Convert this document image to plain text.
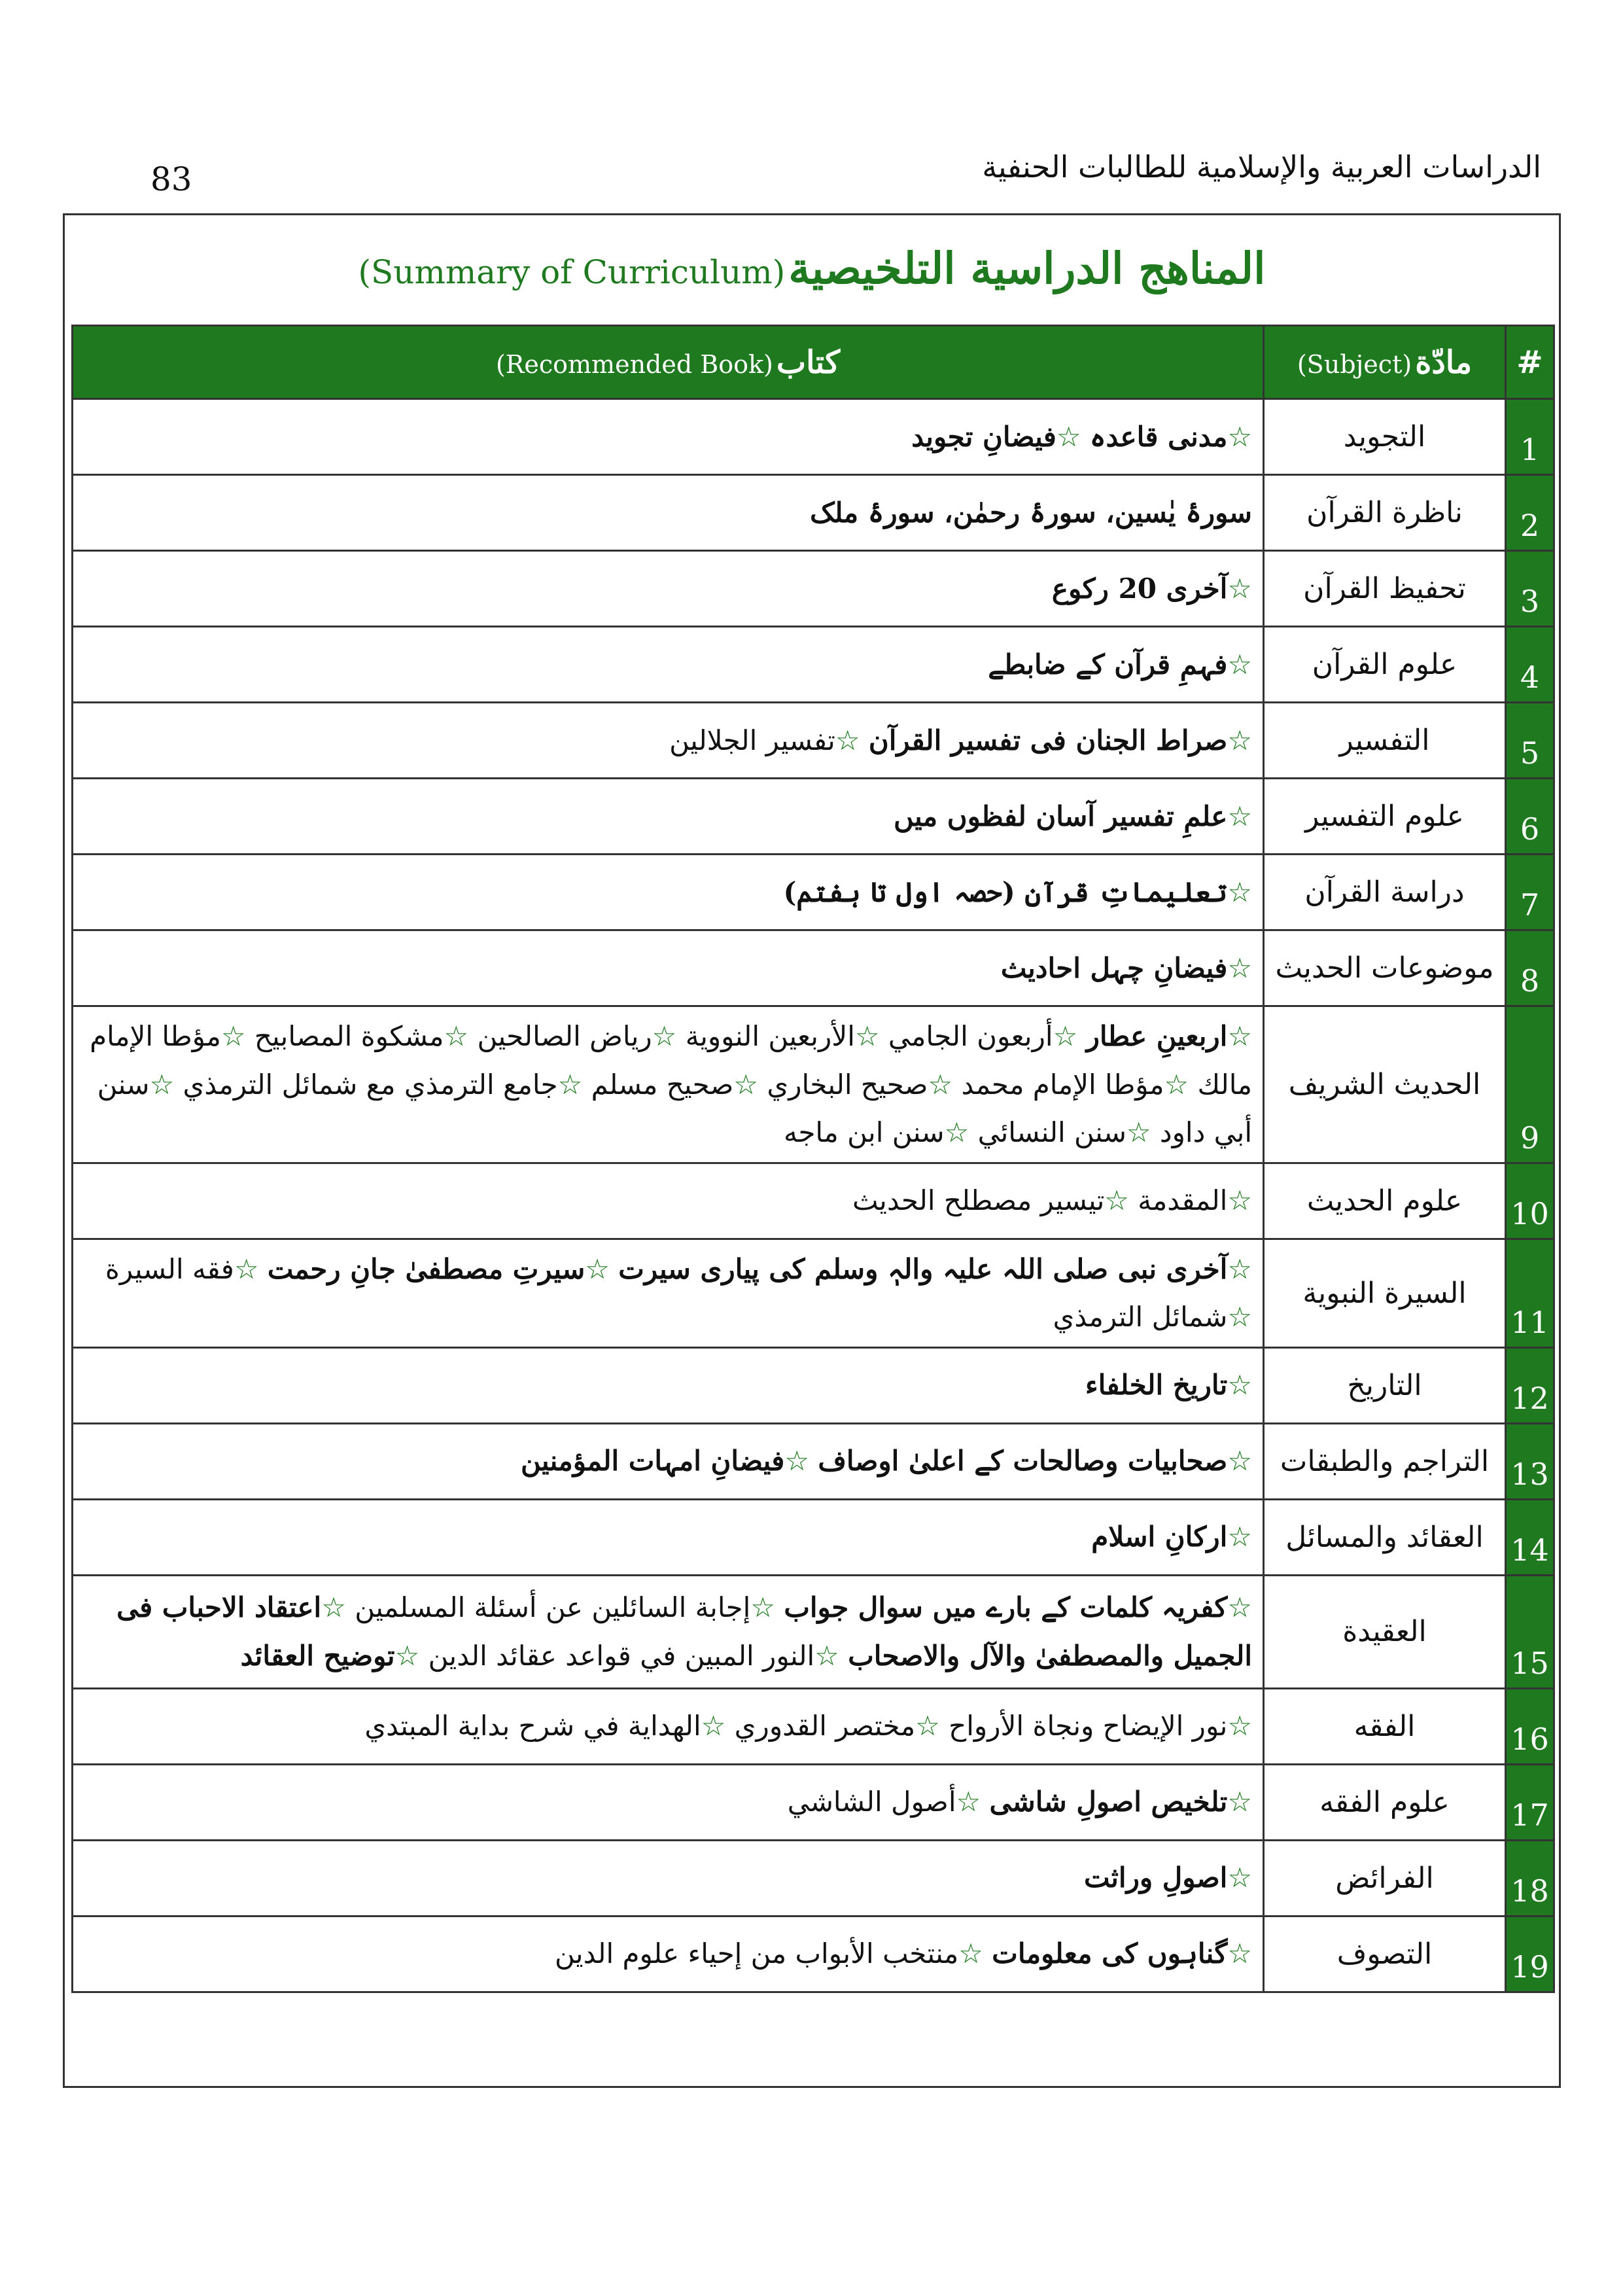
83	الدراسات العربية والإسلامية للطالبات الحنفية
المناهج الدراسية التلخيصية (Summary of Curriculum)
#	مادّة (Subject)	كتاب (Recommended Book)
1	التجويد	☆مدنی قاعدہ ☆فیضانِ تجوید
2	ناظرة القرآن	سورۂ یٰسین، سورۂ رحمٰن، سورۂ ملک
3	تحفيظ القرآن	☆آخری 20 رکوع
4	علوم القرآن	☆فہمِ قرآن کے ضابطے
5	التفسير	☆صراط الجنان فی تفسیر القرآن ☆تفسير الجلالين
6	علوم التفسير	☆علمِ تفسیر آسان لفظوں میں
7	دراسة القرآن	☆تعلیماتِ قرآن (حصہ اول تا ہفتم)
8	موضوعات الحديث	☆فیضانِ چہل احادیث
9	الحديث الشريف	☆اربعینِ عطار ☆أربعون الجامي ☆الأربعين النووية ☆رياض الصالحين ☆مشكوة المصابيح ☆مؤطا الإمام مالك ☆مؤطا الإمام محمد ☆صحيح البخاري ☆صحيح مسلم ☆جامع الترمذي مع شمائل الترمذي ☆سنن أبي داود ☆سنن النسائي ☆سنن ابن ماجه
10	علوم الحديث	☆المقدمة ☆تيسير مصطلح الحديث
11	السيرة النبوية	☆آخری نبی صلی اللہ علیہ والہٖ وسلم کی پیاری سیرت ☆سیرتِ مصطفیٰ جانِ رحمت ☆فقه السيرة ☆شمائل الترمذي
12	التاريخ	☆تاریخ الخلفاء
13	التراجم والطبقات	☆صحابیات وصالحات کے اعلیٰ اوصاف ☆فیضانِ امہات المؤمنین
14	العقائد والمسائل	☆ارکانِ اسلام
15	العقيدة	☆کفریہ کلمات کے بارے میں سوال جواب ☆إجابة السائلين عن أسئلة المسلمين ☆اعتقاد الاحباب فی الجمیل والمصطفیٰ والآل والاصحاب ☆النور المبين في قواعد عقائد الدين ☆توضیح العقائد
16	الفقه	☆نور الإيضاح ونجاة الأرواح ☆مختصر القدوري ☆الهداية في شرح بداية المبتدي
17	علوم الفقه	☆تلخیص اصولِ شاشی ☆أصول الشاشي
18	الفرائض	☆اصولِ وراثت
19	التصوف	☆گناہوں کی معلومات ☆منتخب الأبواب من إحياء علوم الدين
